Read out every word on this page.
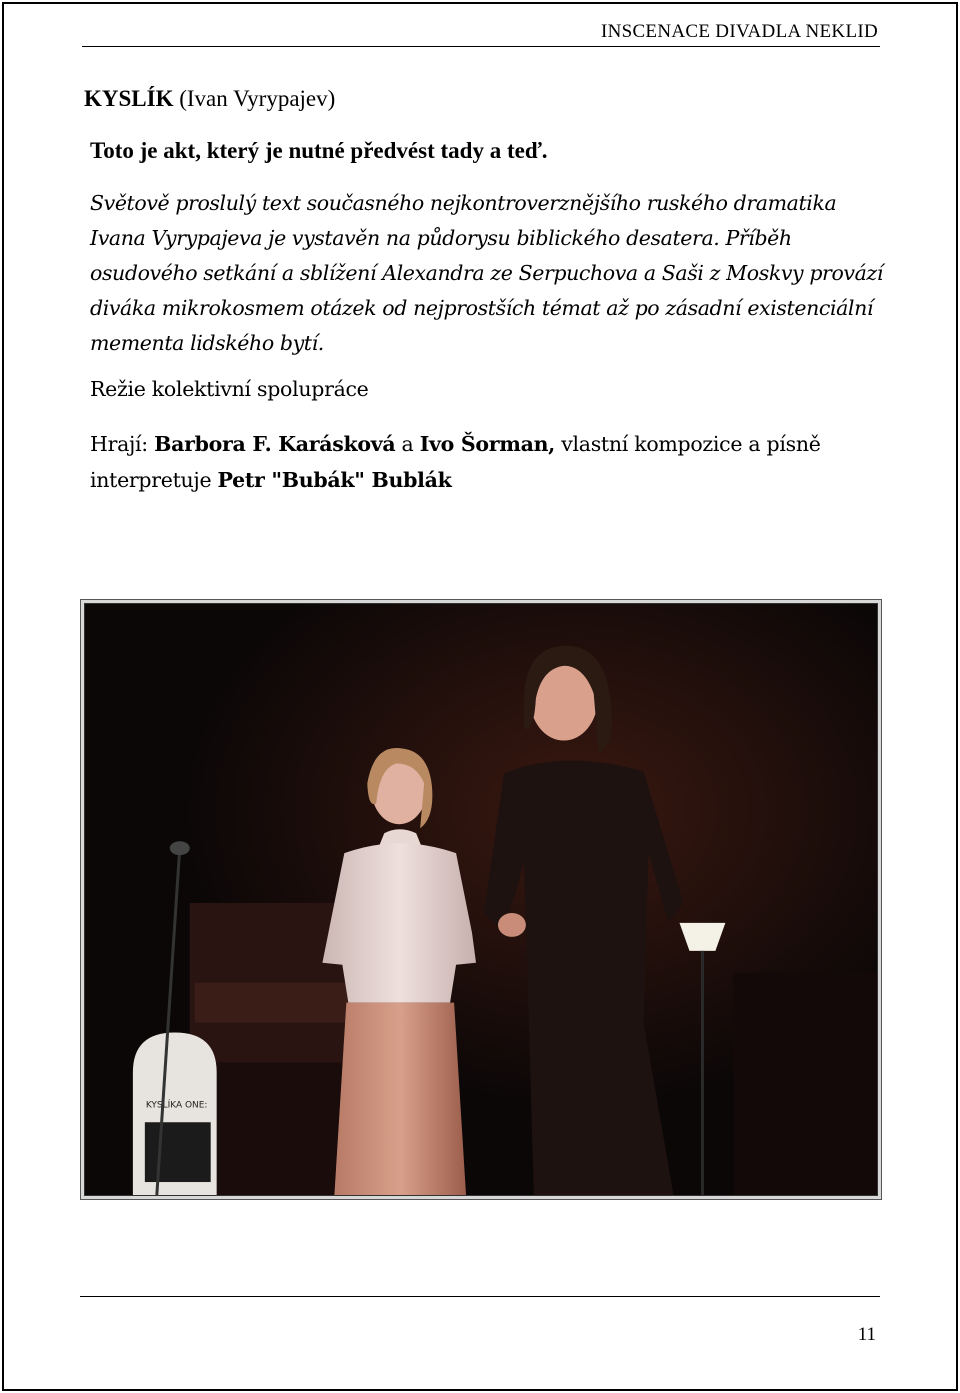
INSCENACE DIVADLA NEKLID
KYSLÍK (Ivan Vyrypajev)
Toto je akt, který je nutné předvést tady a teď.
Světově proslulý text současného nejkontroverznějšího ruského dramatika Ivana Vyrypajeva je vystavěn na půdorysu biblického desatera. Příběh osudového setkání a sblížení Alexandra ze Serpuchova a Saši z Moskvy provází diváka mikrokosmem otázek od nejprostších témat až po zásadní existenciální mementa lidského bytí.
Režie kolektivní spolupráce
Hrají: Barbora F. Karásková a Ivo Šorman, vlastní kompozice a písně interpretuje Petr "Bubák" Bublák
KYSLÍKA ONE:
11
